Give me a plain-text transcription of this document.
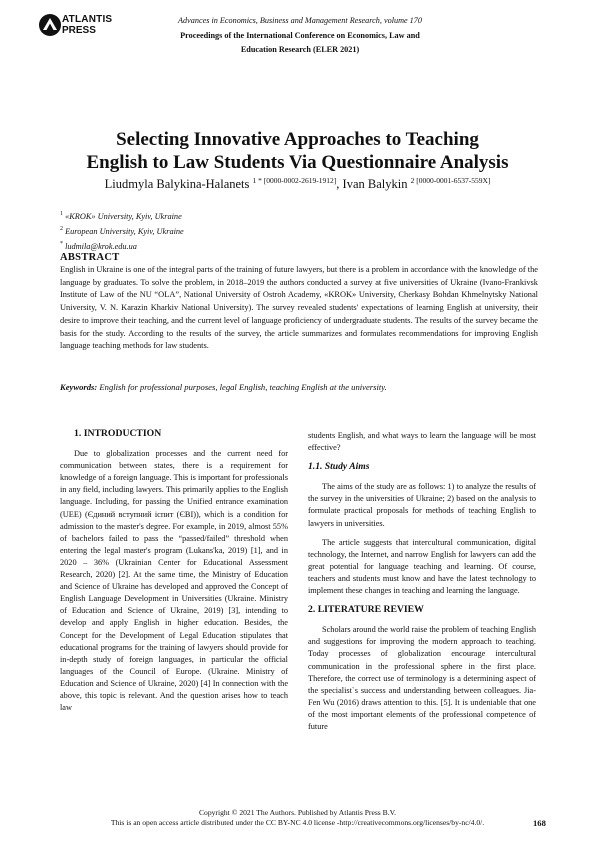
ATLANTIS
PRESS
Advances in Economics, Business and Management Research, volume 170
Proceedings of the International Conference on Economics, Law and
Education Research (ELER 2021)
Selecting Innovative Approaches to Teaching
English to Law Students Via Questionnaire Analysis
Liudmyla Balykina-Halanets $^{1 * [0000-0002-2619-1912]}$, Ivan Balykin $^{2 [0000-0001-6537-559X]}$
$^1$ «KROK» University, Kyiv, Ukraine
$^2$ European University, Kyiv, Ukraine
* ludmila@krok.edu.ua
ABSTRACT
English in Ukraine is one of the integral parts of the training of future lawyers, but there is a problem in accordance with the knowledge of the language by graduates. To solve the problem, in 2018–2019 the authors conducted a survey at five universities of Ukraine (Ivano-Frankivsk Institute of Law of the NU “OLA”, National University of Ostroh Academy, «KROK» University, Cherkasy Bohdan Khmelnytsky National University, V. N. Karazin Kharkiv National University). The survey revealed students' expectations of learning English at university, their desire to improve their teaching, and the current level of language proficiency of undergraduate students. The results of the survey became the basis for the study. According to the results of the survey, the article summarizes and formulates recommendations for improving English language teaching methods for law students.
Keywords: English for professional purposes, legal English, teaching English at the university.
1. INTRODUCTION

Due to globalization processes and the current need for communication between states, there is a requirement for knowledge of a foreign language. This is important for professionals in any field, including lawyers. This primarily applies to the English language. Including, for passing the Unified entrance examination (UEE) (Єдиний вступний іспит (ЄВІ)), which is a condition for admission to the master's degree. For example, in 2019, almost 55% of bachelors failed to pass the “passed/failed” threshold when entering the legal master's program (Lukans'ka, 2019) [1], and in 2020 – 36% (Ukrainian Center for Educational Assessment Research, 2020) [2]. At the same time, the Ministry of Education and Science of Ukraine has developed and approved the Concept of English Language Development in Universities (Ukraine. Ministry of Education and Science of Ukraine, 2019) [3], intending to develop and apply English in higher education. Besides, the Concept for the Development of Legal Education stipulates that educational programs for the training of lawyers should provide for in-depth study of foreign languages, in particular the official languages of the Council of Europe. (Ukraine. Ministry of Education and Science of Ukraine, 2020) [4] In connection with the above, this topic is relevant. And the question arises how to teach law

students English, and what ways to learn the language will be most effective?

1.1. Study Aims

The aims of the study are as follows: 1) to analyze the results of the survey in the universities of Ukraine; 2) based on the analysis to formulate practical proposals for methods of teaching English to lawyers in universities.

The article suggests that intercultural communication, digital technology, the Internet, and narrow English for lawyers can add the great potential for language teaching and learning. Of course, teachers and students must know and have the latest technology to implement these changes in teaching and learning the language.

2. LITERATURE REVIEW

Scholars around the world raise the problem of teaching English and suggestions for improving the modern approach to teaching. Today processes of globalization encourage intercultural communication in the professional sphere in the first place. Therefore, the correct use of terminology is a determining aspect of the specialist`s success and understanding between colleagues. Jia-Fen Wu (2016) draws attention to this. [5]. It is undeniable that one of the most important elements of the professional competence of future

Copyright © 2021 The Authors. Published by Atlantis Press B.V.
This is an open access article distributed under the CC BY-NC 4.0 license -http://creativecommons.org/licenses/by-nc/4.0/.	168
